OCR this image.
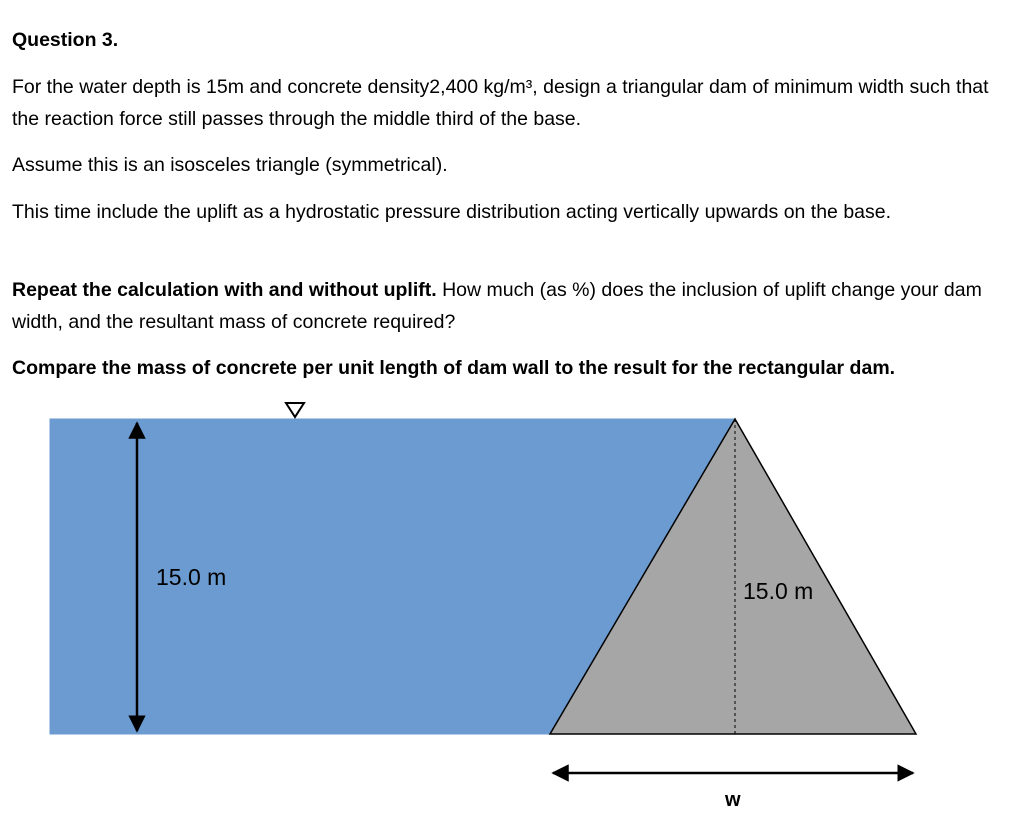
Question 3.

For the water depth is 15m and concrete density2,400 kg/m³, design a triangular dam of minimum width such that the reaction force still passes through the middle third of the base.

Assume this is an isosceles triangle (symmetrical).

This time include the uplift as a hydrostatic pressure distribution acting vertically upwards on the base.

Repeat the calculation with and without uplift. How much (as %) does the inclusion of uplift change your dam width, and the resultant mass of concrete required?

Compare the mass of concrete per unit length of dam wall to the result for the rectangular dam.

15.0 m
15.0 m
w
